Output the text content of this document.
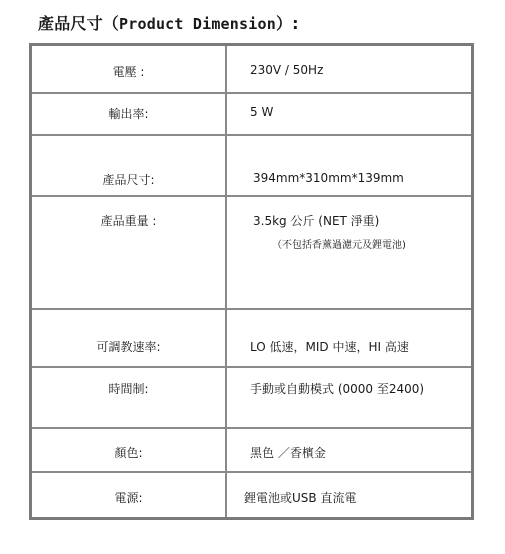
產品尺寸（Product Dimension）:
電壓 :	230V / 50Hz
輸出率:	5 W
產品尺寸:	394mm*310mm*139mm
產品重量 :	3.5kg 公斤 (NET 淨重)
（不包括香薰過濾元及鋰電池)
可調教速率:	LO 低速，MID 中速，HI 高速
時間制:	手動或自動模式 (0000 至2400)
顏色:	黑色 ／香檳金
電源:	鋰電池或USB 直流電
